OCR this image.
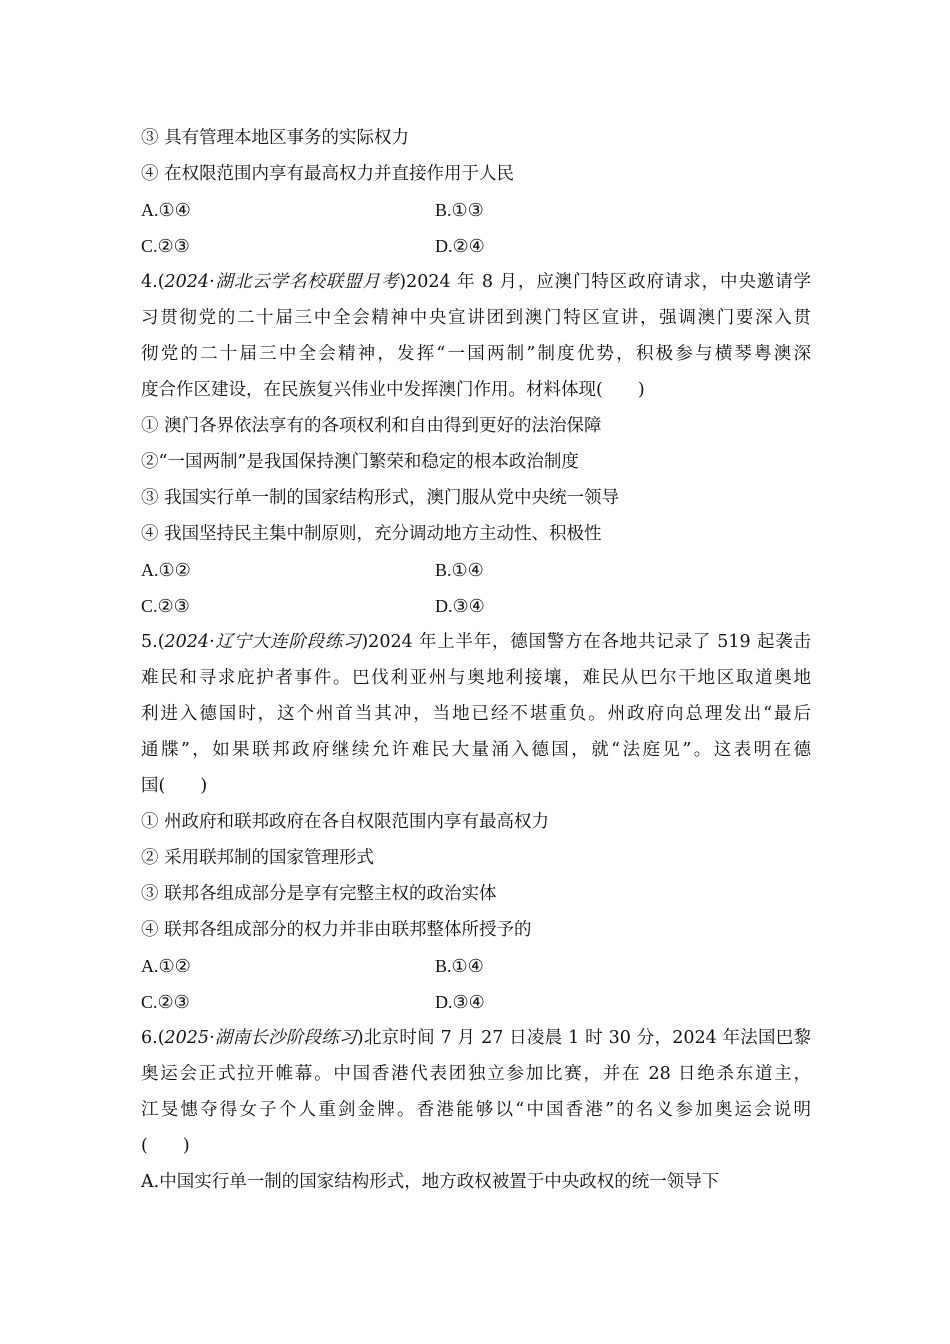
③ 具有管理本地区事务的实际权力
④ 在权限范围内享有最高权力并直接作用于人民
A.①④	B.①③
C.②③	D.②④
4.(2024·湖北云学名校联盟月考)2024 年 8 月，应澳门特区政府请求，中央邀请学
习贯彻党的二十届三中全会精神中央宣讲团到澳门特区宣讲，强调澳门要深入贯
彻党的二十届三中全会精神，发挥“一国两制”制度优势，积极参与横琴粤澳深
度合作区建设，在民族复兴伟业中发挥澳门作用。材料体现(　　)
① 澳门各界依法享有的各项权利和自由得到更好的法治保障
②“一国两制”是我国保持澳门繁荣和稳定的根本政治制度
③ 我国实行单一制的国家结构形式，澳门服从党中央统一领导
④ 我国坚持民主集中制原则，充分调动地方主动性、积极性
A.①②	B.①④
C.②③	D.③④
5.(2024·辽宁大连阶段练习)2024 年上半年，德国警方在各地共记录了 519 起袭击
难民和寻求庇护者事件。巴伐利亚州与奥地利接壤，难民从巴尔干地区取道奥地
利进入德国时，这个州首当其冲，当地已经不堪重负。州政府向总理发出“最后
通牒”，如果联邦政府继续允许难民大量涌入德国，就“法庭见”。这表明在德
国(　　)
① 州政府和联邦政府在各自权限范围内享有最高权力
② 采用联邦制的国家管理形式
③ 联邦各组成部分是享有完整主权的政治实体
④ 联邦各组成部分的权力并非由联邦整体所授予的
A.①②	B.①④
C.②③	D.③④
6.(2025·湖南长沙阶段练习)北京时间 7 月 27 日凌晨 1 时 30 分，2024 年法国巴黎
奥运会正式拉开帷幕。中国香港代表团独立参加比赛，并在 28 日绝杀东道主，
江旻憓夺得女子个人重剑金牌。香港能够以“中国香港”的名义参加奥运会说明
(　　)
A.中国实行单一制的国家结构形式，地方政权被置于中央政权的统一领导下
